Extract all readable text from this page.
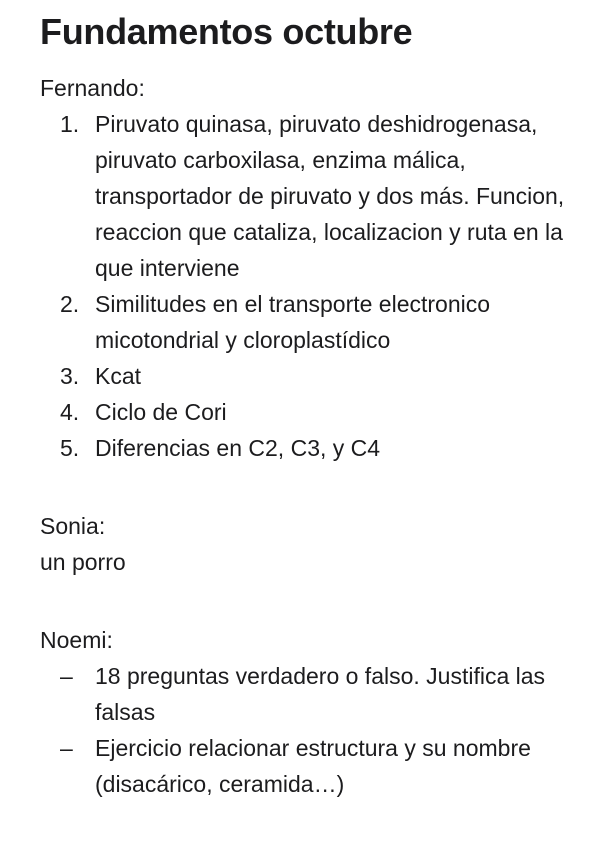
Fundamentos octubre

Fernando:

1. Piruvato quinasa, piruvato deshidrogenasa, piruvato carboxilasa, enzima málica, transportador de piruvato y dos más. Funcion, reaccion que cataliza, localizacion y ruta en la que interviene
2. Similitudes en el transporte electronico micotondrial y cloroplastídico
3. Kcat
4. Ciclo de Cori
5. Diferencias en C2, C3, y C4

Sonia:

un porro

Noemi:

– 18 preguntas verdadero o falso. Justifica las falsas
– Ejercicio relacionar estructura y su nombre (disacárico, ceramida…)
